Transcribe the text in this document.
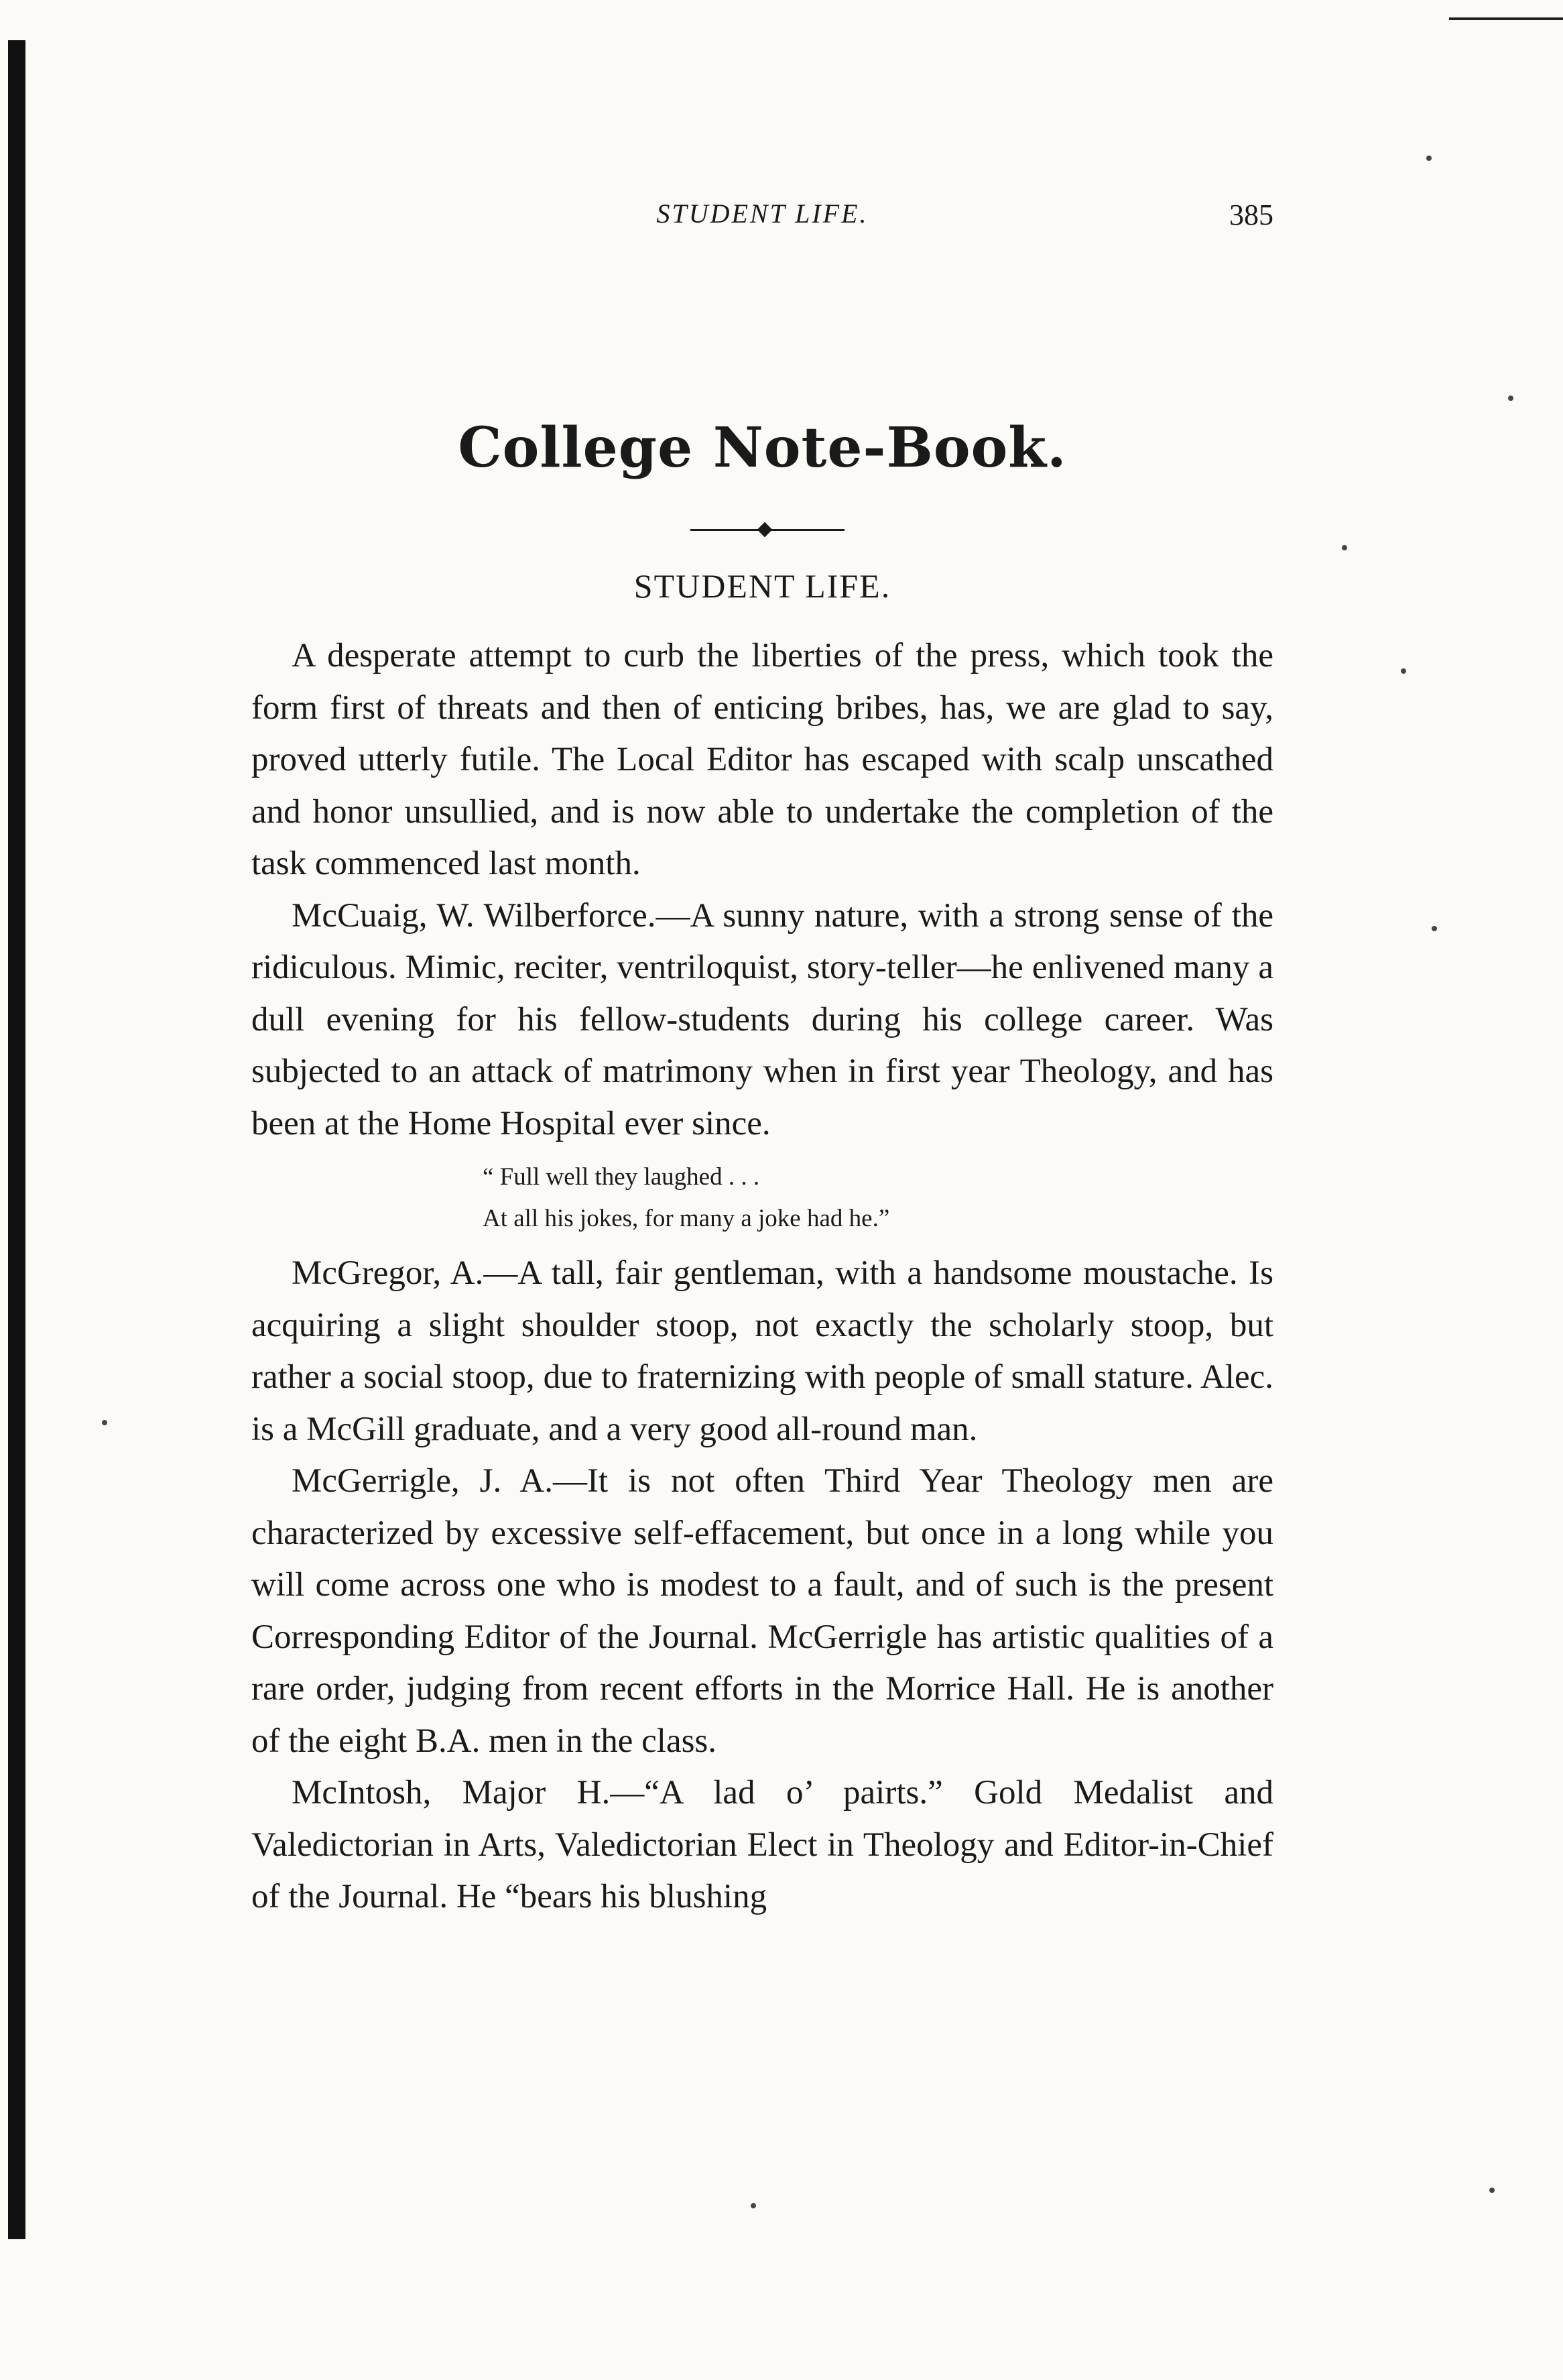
STUDENT LIFE.	385
College Note-Book.
STUDENT LIFE.

A desperate attempt to curb the liberties of the press, which took the form first of threats and then of enticing bribes, has, we are glad to say, proved utterly futile. The Local Editor has escaped with scalp unscathed and honor unsullied, and is now able to undertake the completion of the task commenced last month.

McCuaig, W. Wilberforce.—A sunny nature, with a strong sense of the ridiculous. Mimic, reciter, ventriloquist, story-teller—he enlivened many a dull evening for his fellow-students during his college career. Was subjected to an attack of matrimony when in first year Theology, and has been at the Home Hospital ever since.

“ Full well they laughed . . .
At all his jokes, for many a joke had he.”

McGregor, A.—A tall, fair gentleman, with a handsome moustache. Is acquiring a slight shoulder stoop, not exactly the scholarly stoop, but rather a social stoop, due to fraternizing with people of small stature. Alec. is a McGill graduate, and a very good all-round man.

McGerrigle, J. A.—It is not often Third Year Theology men are characterized by excessive self-effacement, but once in a long while you will come across one who is modest to a fault, and of such is the present Corresponding Editor of the Journal. McGerrigle has artistic qualities of a rare order, judging from recent efforts in the Morrice Hall. He is another of the eight B.A. men in the class.

McIntosh, Major H.—“A lad o’ pairts.” Gold Medalist and Valedictorian in Arts, Valedictorian Elect in Theology and Editor-in-Chief of the Journal. He “bears his blushing
